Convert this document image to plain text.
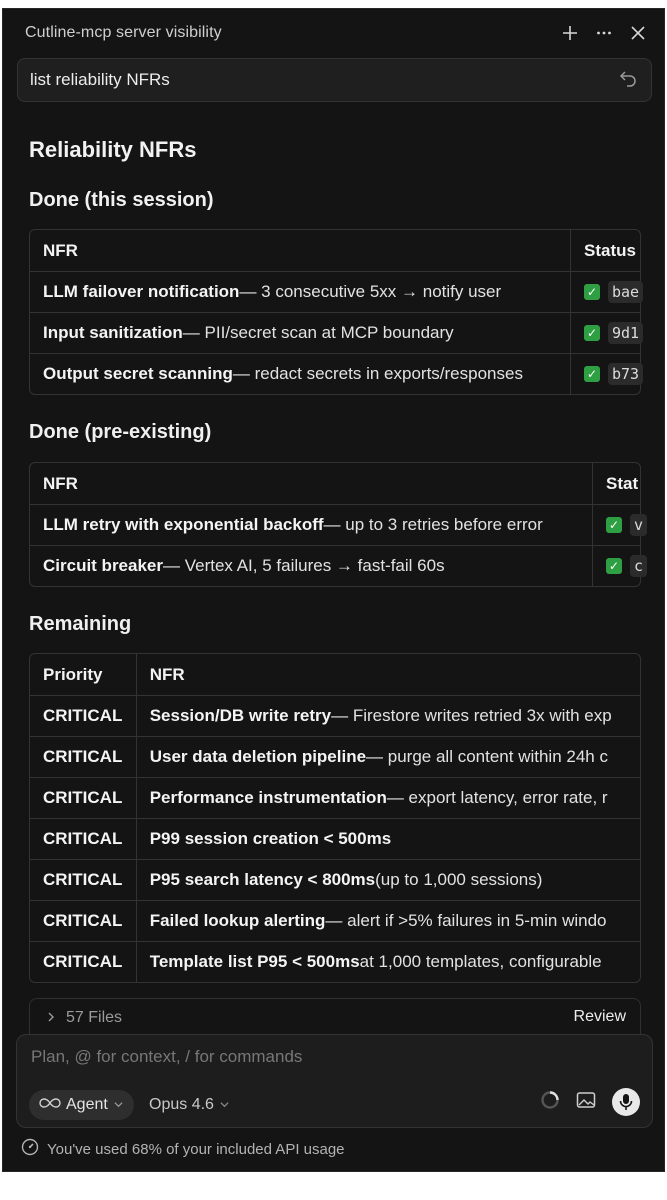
Cutline-mcp server visibility
list reliability NFRs
Reliability NFRs
Done (this session)
NFR	Status
LLM failover notification — 3 consecutive 5xx → notify user	✓ bae
Input sanitization — PII/secret scan at MCP boundary	✓ 9d1
Output secret scanning — redact secrets in exports/responses	✓ b73
Done (pre-existing)
NFR	Stat
LLM retry with exponential backoff — up to 3 retries before error	✓ v
Circuit breaker — Vertex AI, 5 failures → fast-fail 60s	✓ c
Remaining
Priority	NFR
CRITICAL	Session/DB write retry — Firestore writes retried 3x with exp
CRITICAL	User data deletion pipeline — purge all content within 24h c
CRITICAL	Performance instrumentation — export latency, error rate, r
CRITICAL	P99 session creation < 500ms
CRITICAL	P95 search latency < 800ms (up to 1,000 sessions)
CRITICAL	Failed lookup alerting — alert if >5% failures in 5-min windo
CRITICAL	Template list P95 < 500ms at 1,000 templates, configurable
57 Files	Review
Plan, @ for context, / for commands
Agent	Opus 4.6
You've used 68% of your included API usage
